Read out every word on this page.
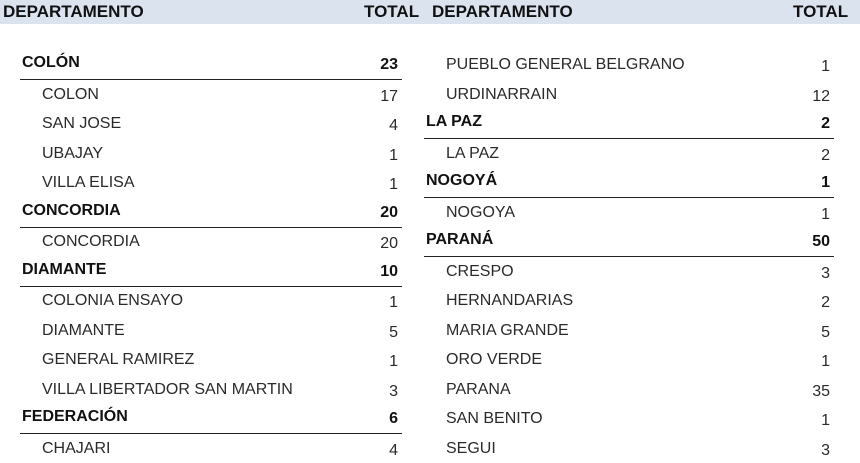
DEPARTAMENTO	TOTAL DEPARTAMENTO	TOTAL
COLÓN	23
COLON	17
SAN JOSE	4
UBAJAY	1
VILLA ELISA	1
CONCORDIA	20
CONCORDIA	20
DIAMANTE	10
COLONIA ENSAYO	1
DIAMANTE	5
GENERAL RAMIREZ	1
VILLA LIBERTADOR SAN MARTIN	3
FEDERACIÓN	6
CHAJARI	4
PUEBLO GENERAL BELGRANO	1
URDINARRAIN	12
LA PAZ	2
LA PAZ	2
NOGOYÁ	1
NOGOYA	1
PARANÁ	50
CRESPO	3
HERNANDARIAS	2
MARIA GRANDE	5
ORO VERDE	1
PARANA	35
SAN BENITO	1
SEGUI	3
